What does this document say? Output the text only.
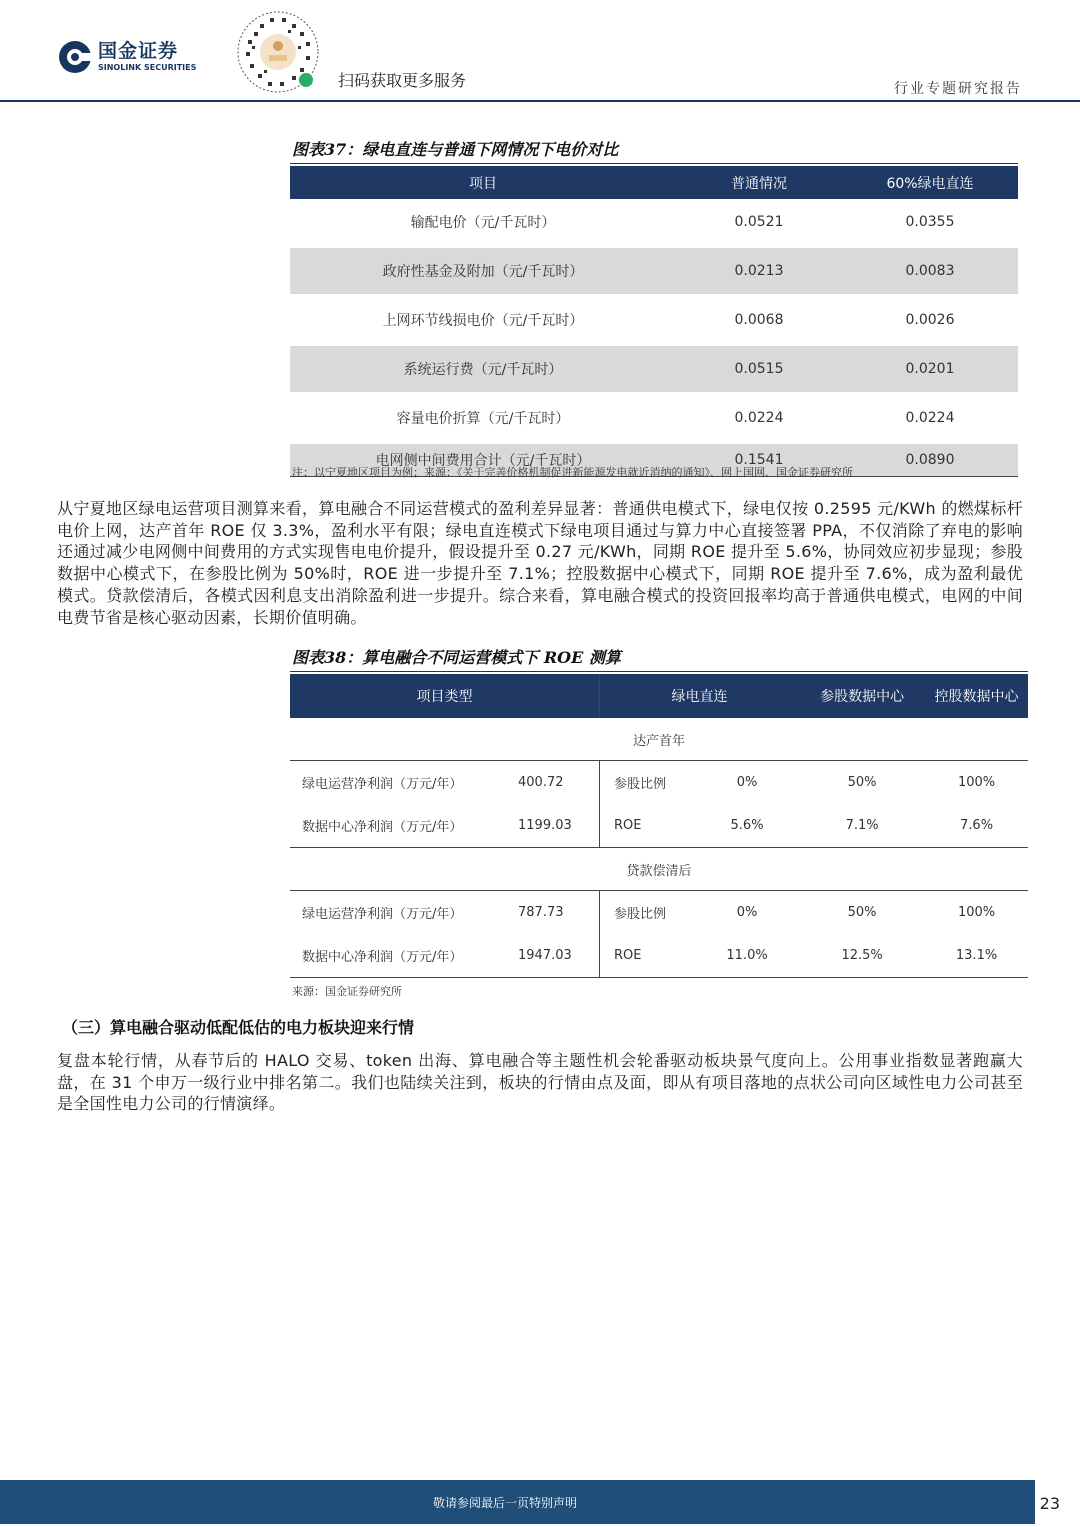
国金证券
SINOLINK SECURITIES
扫码获取更多服务	行业专题研究报告
图表37：绿电直连与普通下网情况下电价对比
项目	普通情况	60%绿电直连
输配电价（元/千瓦时）	0.0521	0.0355
政府性基金及附加（元/千瓦时）	0.0213	0.0083
上网环节线损电价（元/千瓦时）	0.0068	0.0026
系统运行费（元/千瓦时）	0.0515	0.0201
容量电价折算（元/千瓦时）	0.0224	0.0224
电网侧中间费用合计（元/千瓦时）	0.1541	0.0890
注：以宁夏地区项目为例；来源：《关于完善价格机制促进新能源发电就近消纳的通知》、网上国网、国金证券研究所
从宁夏地区绿电运营项目测算来看，算电融合不同运营模式的盈利差异显著：普通供电模式下，绿电仅按 0.2595 元/KWh 的燃煤标杆电价上网，达产首年 ROE 仅 3.3%，盈利水平有限；绿电直连模式下绿电项目通过与算力中心直接签署 PPA，不仅消除了弃电的影响还通过减少电网侧中间费用的方式实现售电电价提升，假设提升至 0.27 元/KWh，同期 ROE 提升至 5.6%，协同效应初步显现；参股数据中心模式下，在参股比例为 50%时，ROE 进一步提升至 7.1%；控股数据中心模式下，同期 ROE 提升至 7.6%，成为盈利最优模式。贷款偿清后，各模式因利息支出消除盈利进一步提升。综合来看，算电融合模式的投资回报率均高于普通供电模式，电网的中间电费节省是核心驱动因素，长期价值明确。
图表38：算电融合不同运营模式下 ROE 测算
项目类型		绿电直连		参股数据中心	控股数据中心
达产首年					
绿电运营净利润（万元/年）	400.72	参股比例	0%	50%	100%
数据中心净利润（万元/年）	1199.03	ROE	5.6%	7.1%	7.6%
贷款偿清后					
绿电运营净利润（万元/年）	787.73	参股比例	0%	50%	100%
数据中心净利润（万元/年）	1947.03	ROE	11.0%	12.5%	13.1%
来源：国金证券研究所
（三）算电融合驱动低配低估的电力板块迎来行情
复盘本轮行情，从春节后的 HALO 交易、token 出海、算电融合等主题性机会轮番驱动板块景气度向上。公用事业指数显著跑赢大盘，在 31 个申万一级行业中排名第二。我们也陆续关注到，板块的行情由点及面，即从有项目落地的点状公司向区域性电力公司甚至是全国性电力公司的行情演绎。
敬请参阅最后一页特别声明	23
